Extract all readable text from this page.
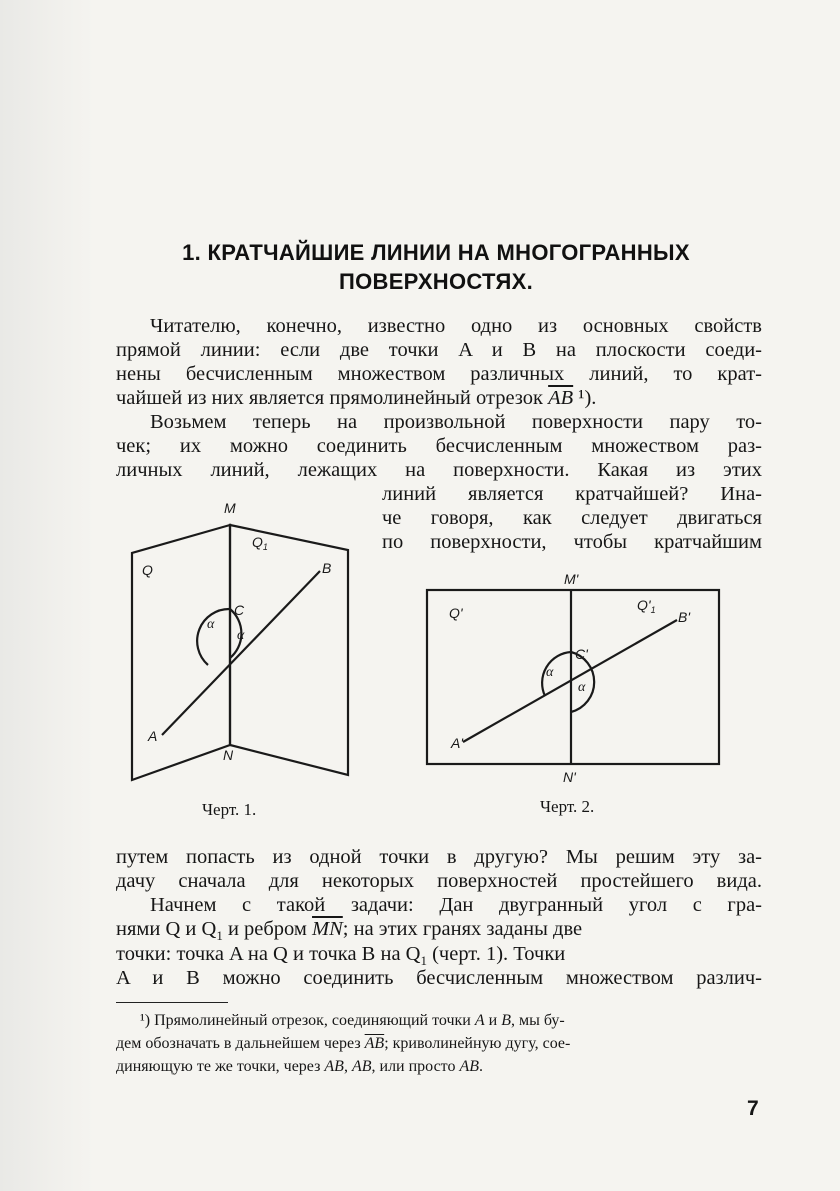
1. КРАТЧАЙШИЕ ЛИНИИ НА МНОГОГРАННЫХ
ПОВЕРХНОСТЯХ.
Читателю, конечно, известно одно из основных свойств
прямой линии: если две точки A и B на плоскости соеди-
нены бесчисленным множеством различных линий, то крат-
чайшей из них является прямолинейный отрезок $\overline{AB}$ ¹).
Возьмем теперь на произвольной поверхности пару то-
чек; их можно соединить бесчисленным множеством раз-
личных линий, лежащих на поверхности. Какая из этих
линий является кратчайшей? Ина-
че говоря, как следует двигаться
по поверхности, чтобы кратчайшим
M
N
Q
$Q_1$
A
B
C
α
α
Черт. 1.
M'
N'
Q'	$Q'_1$
A'
B'
C'
α
α
Черт. 2.
путем попасть из одной точки в другую? Мы решим эту за-
дачу сначала для некоторых поверхностей простейшего вида.
Начнем с такой задачи: Дан двугранный угол с гра-
нями Q и $Q_1$ и ребром $\overline{MN}$; на этих гранях заданы две
точки: точка A на Q и точка B на $Q_1$ (черт. 1). Точки
A и B можно соединить бесчисленным множеством различ-
¹) Прямолинейный отрезок, соединяющий точки A и B, мы бу-
дем обозначать в дальнейшем через $\overline{AB}$; криволинейную дугу, сое-
диняющую те же точки, через AB, AB, или просто AB.
7
